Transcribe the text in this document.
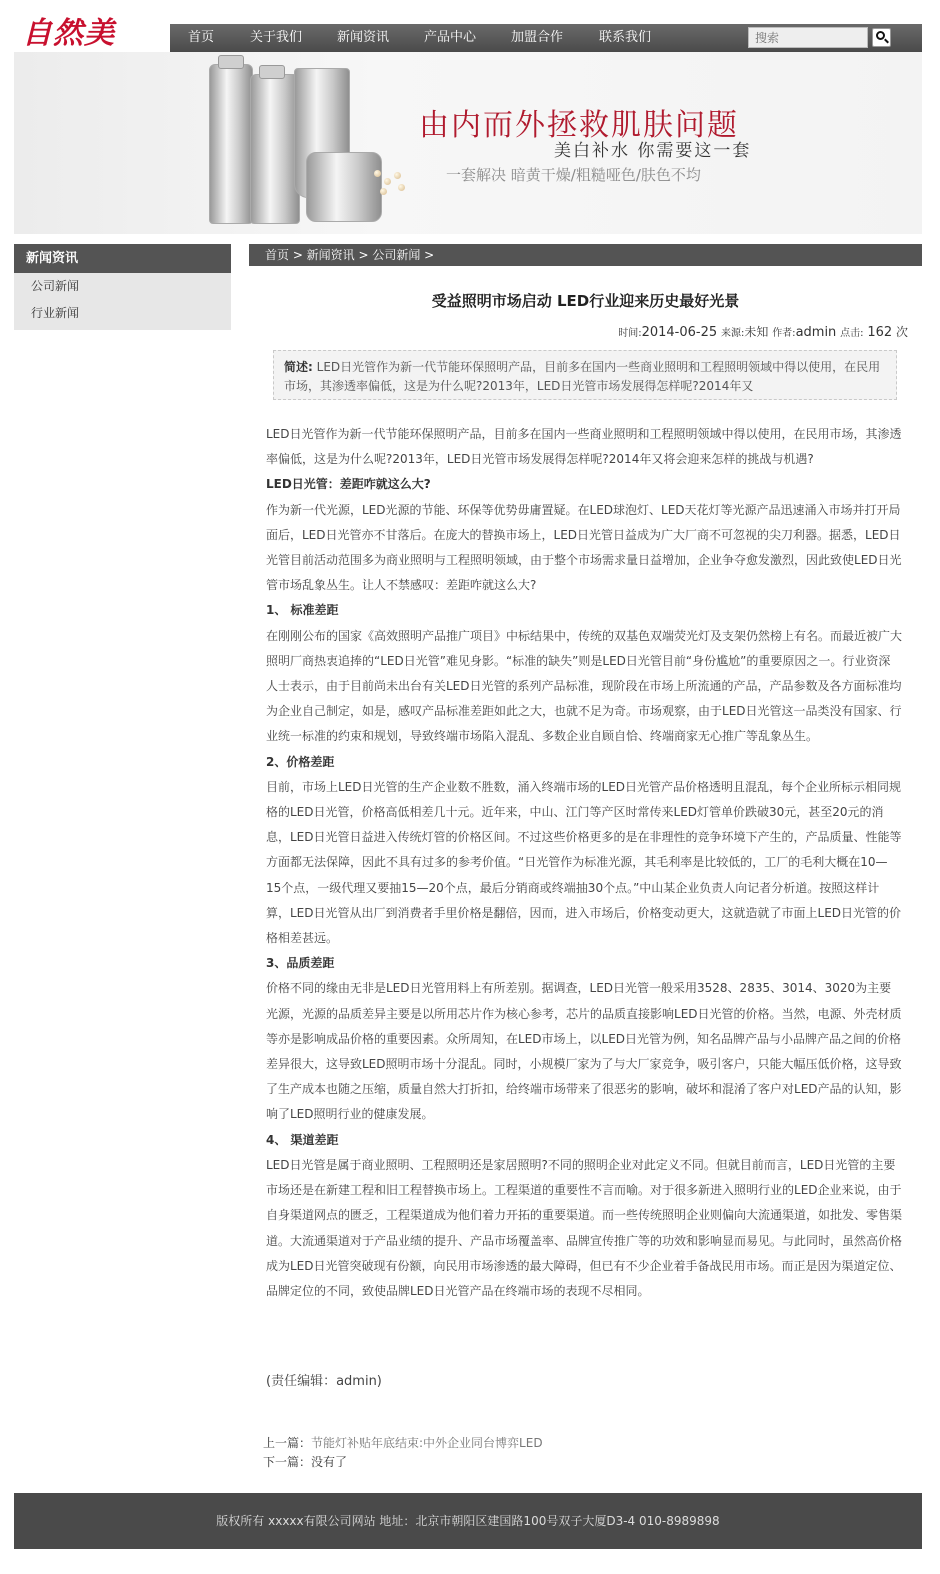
自然美	首页	关于我们	新闻资讯	产品中心	加盟合作	联系我们
搜索
由内而外拯救肌肤问题
美白补水 你需要这一套
一套解决 暗黄干燥/粗糙哑色/肤色不均
新闻资讯
公司新闻
行业新闻
首页 > 新闻资讯 > 公司新闻 >
受益照明市场启动 LED行业迎来历史最好光景
时间:2014-06-25 来源:未知 作者:admin 点击: 162 次
简述: LED日光管作为新一代节能环保照明产品，目前多在国内一些商业照明和工程照明领域中得以使用，在民用市场，其渗透率偏低，这是为什么呢?2013年，LED日光管市场发展得怎样呢?2014年又

LED日光管作为新一代节能环保照明产品，目前多在国内一些商业照明和工程照明领域中得以使用，在民用市场，其渗透率偏低，这是为什么呢?2013年，LED日光管市场发展得怎样呢?2014年又将会迎来怎样的挑战与机遇?

LED日光管：差距咋就这么大?

作为新一代光源，LED光源的节能、环保等优势毋庸置疑。在LED球泡灯、LED天花灯等光源产品迅速涌入市场并打开局面后，LED日光管亦不甘落后。在庞大的替换市场上，LED日光管日益成为广大厂商不可忽视的尖刀利器。据悉，LED日光管目前活动范围多为商业照明与工程照明领域，由于整个市场需求量日益增加，企业争夺愈发激烈，因此致使LED日光管市场乱象丛生。让人不禁感叹：差距咋就这么大?

1、 标准差距

在刚刚公布的国家《高效照明产品推广项目》中标结果中，传统的双基色双端荧光灯及支架仍然榜上有名。而最近被广大照明厂商热衷追捧的“LED日光管”难见身影。“标准的缺失”则是LED日光管目前“身份尴尬”的重要原因之一。行业资深人士表示，由于目前尚未出台有关LED日光管的系列产品标准，现阶段在市场上所流通的产品，产品参数及各方面标准均为企业自己制定，如是，感叹产品标准差距如此之大，也就不足为奇。市场观察，由于LED日光管这一品类没有国家、行业统一标准的约束和规划，导致终端市场陷入混乱、多数企业自顾自恰、终端商家无心推广等乱象丛生。

2、价格差距

目前，市场上LED日光管的生产企业数不胜数，涌入终端市场的LED日光管产品价格透明且混乱，每个企业所标示相同规格的LED日光管，价格高低相差几十元。近年来，中山、江门等产区时常传来LED灯管单价跌破30元，甚至20元的消息，LED日光管日益进入传统灯管的价格区间。不过这些价格更多的是在非理性的竞争环境下产生的，产品质量、性能等方面都无法保障，因此不具有过多的参考价值。“日光管作为标准光源，其毛利率是比较低的，工厂的毛利大概在10—15个点，一级代理又要抽15—20个点，最后分销商或终端抽30个点。”中山某企业负责人向记者分析道。按照这样计算，LED日光管从出厂到消费者手里价格是翻倍，因而，进入市场后，价格变动更大，这就造就了市面上LED日光管的价格相差甚远。

3、品质差距

价格不同的缘由无非是LED日光管用料上有所差别。据调查，LED日光管一般采用3528、2835、3014、3020为主要光源，光源的品质差异主要是以所用芯片作为核心参考，芯片的品质直接影响LED日光管的价格。当然，电源、外壳材质等亦是影响成品价格的重要因素。众所周知，在LED市场上，以LED日光管为例，知名品牌产品与小品牌产品之间的价格差异很大，这导致LED照明市场十分混乱。同时，小规模厂家为了与大厂家竞争，吸引客户，只能大幅压低价格，这导致了生产成本也随之压缩，质量自然大打折扣，给终端市场带来了很恶劣的影响，破坏和混淆了客户对LED产品的认知，影响了LED照明行业的健康发展。

4、 渠道差距

LED日光管是属于商业照明、工程照明还是家居照明?不同的照明企业对此定义不同。但就目前而言，LED日光管的主要市场还是在新建工程和旧工程替换市场上。工程渠道的重要性不言而喻。对于很多新进入照明行业的LED企业来说，由于自身渠道网点的匮乏，工程渠道成为他们着力开拓的重要渠道。而一些传统照明企业则偏向大流通渠道，如批发、零售渠道。大流通渠道对于产品业绩的提升、产品市场覆盖率、品牌宣传推广等的功效和影响显而易见。与此同时，虽然高价格成为LED日光管突破现有份额，向民用市场渗透的最大障碍，但已有不少企业着手备战民用市场。而正是因为渠道定位、品牌定位的不同，致使品牌LED日光管产品在终端市场的表现不尽相同。

(责任编辑：admin)
上一篇：节能灯补贴年底结束:中外企业同台博弈LED
下一篇：没有了
版权所有 xxxxx有限公司网站 地址：北京市朝阳区建国路100号双子大厦D3-4 010-8989898
